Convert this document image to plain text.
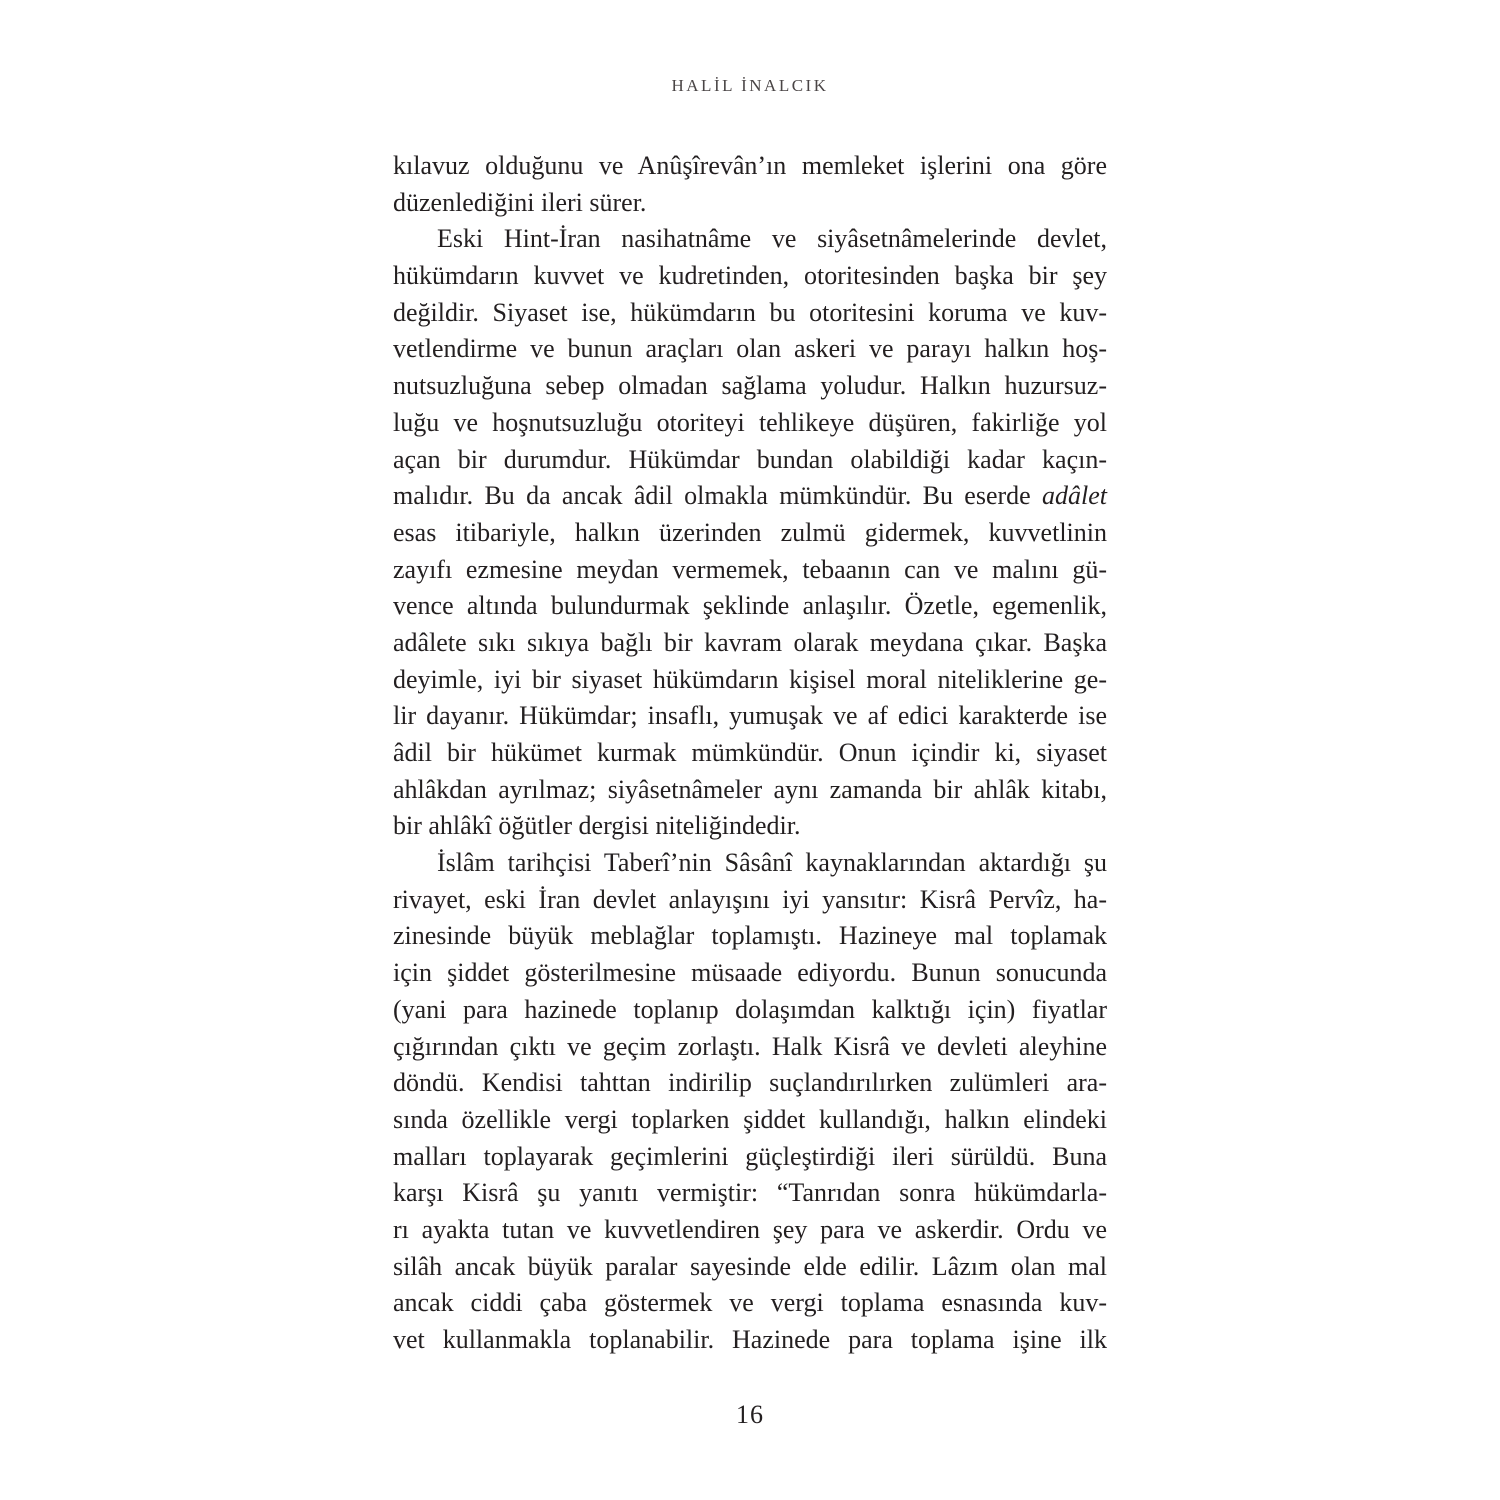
HALİL İNALCIK
kılavuz olduğunu ve Anûşîrevân’ın memleket işlerini ona göre
düzenlediğini ileri sürer.
Eski Hint-İran nasihatnâme ve siyâsetnâmelerinde devlet,
hükümdarın kuvvet ve kudretinden, otoritesinden başka bir şey
değildir. Siyaset ise, hükümdarın bu otoritesini koruma ve kuv-
vetlendirme ve bunun araçları olan askeri ve parayı halkın hoş-
nutsuzluğuna sebep olmadan sağlama yoludur. Halkın huzursuz-
luğu ve hoşnutsuzluğu otoriteyi tehlikeye düşüren, fakirliğe yol
açan bir durumdur. Hükümdar bundan olabildiği kadar kaçın-
malıdır. Bu da ancak âdil olmakla mümkündür. Bu eserde adâlet
esas itibariyle, halkın üzerinden zulmü gidermek, kuvvetlinin
zayıfı ezmesine meydan vermemek, tebaanın can ve malını gü-
vence altında bulundurmak şeklinde anlaşılır. Özetle, egemenlik,
adâlete sıkı sıkıya bağlı bir kavram olarak meydana çıkar. Başka
deyimle, iyi bir siyaset hükümdarın kişisel moral niteliklerine ge-
lir dayanır. Hükümdar; insaflı, yumuşak ve af edici karakterde ise
âdil bir hükümet kurmak mümkündür. Onun içindir ki, siyaset
ahlâkdan ayrılmaz; siyâsetnâmeler aynı zamanda bir ahlâk kitabı,
bir ahlâkî öğütler dergisi niteliğindedir.
İslâm tarihçisi Taberî’nin Sâsânî kaynaklarından aktardığı şu
rivayet, eski İran devlet anlayışını iyi yansıtır: Kisrâ Pervîz, ha-
zinesinde büyük meblağlar toplamıştı. Hazineye mal toplamak
için şiddet gösterilmesine müsaade ediyordu. Bunun sonucunda
(yani para hazinede toplanıp dolaşımdan kalktığı için) fiyatlar
çığırından çıktı ve geçim zorlaştı. Halk Kisrâ ve devleti aleyhine
döndü. Kendisi tahttan indirilip suçlandırılırken zulümleri ara-
sında özellikle vergi toplarken şiddet kullandığı, halkın elindeki
malları toplayarak geçimlerini güçleştirdiği ileri sürüldü. Buna
karşı Kisrâ şu yanıtı vermiştir: “Tanrıdan sonra hükümdarla-
rı ayakta tutan ve kuvvetlendiren şey para ve askerdir. Ordu ve
silâh ancak büyük paralar sayesinde elde edilir. Lâzım olan mal
ancak ciddi çaba göstermek ve vergi toplama esnasında kuv-
vet kullanmakla toplanabilir. Hazinede para toplama işine ilk
16
